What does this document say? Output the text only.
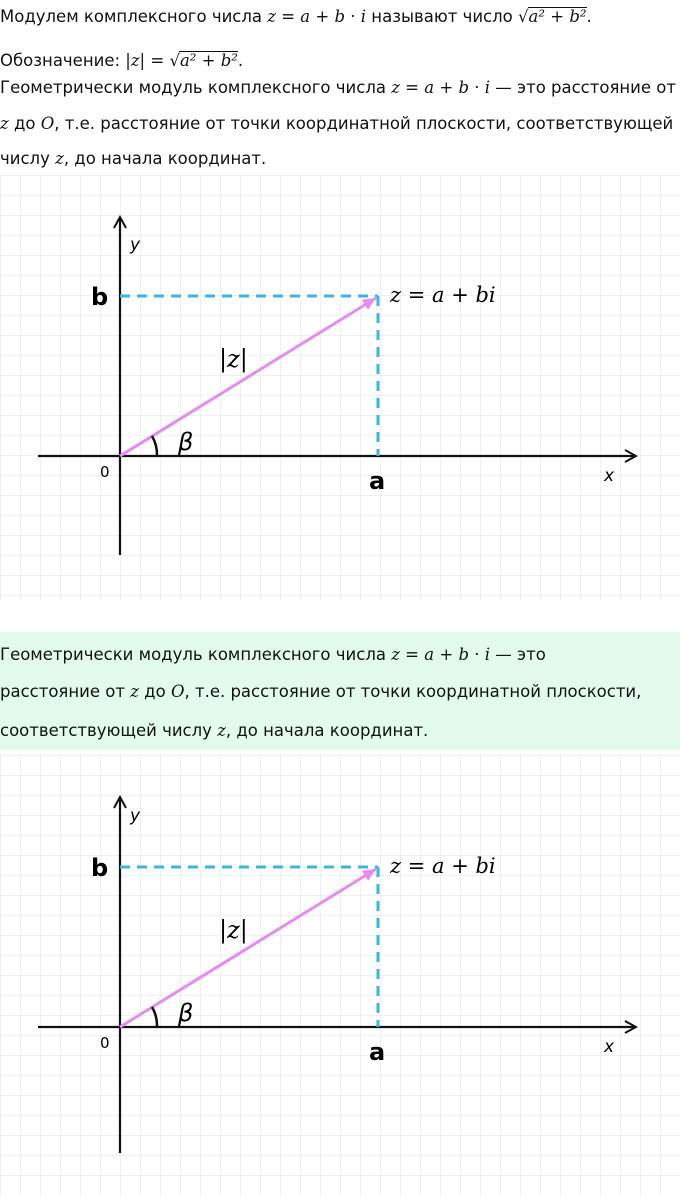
Модулем комплексного числа z = a + b · i называют число √a² + b².
Обозначение: |z| = √a² + b².
Геометрически модуль комплексного числа z = a + b · i — это расстояние от
z до O, т.е. расстояние от точки координатной плоскости, соответствующей
числу z, до начала координат.
y
x
b
a
0
z = a + bi
|z|
β
Геометрически модуль комплексного числа z = a + b · i — это
расстояние от z до O, т.е. расстояние от точки координатной плоскости,
соответствующей числу z, до начала координат.
y
x
b
a
0
z = a + bi
|z|
β
